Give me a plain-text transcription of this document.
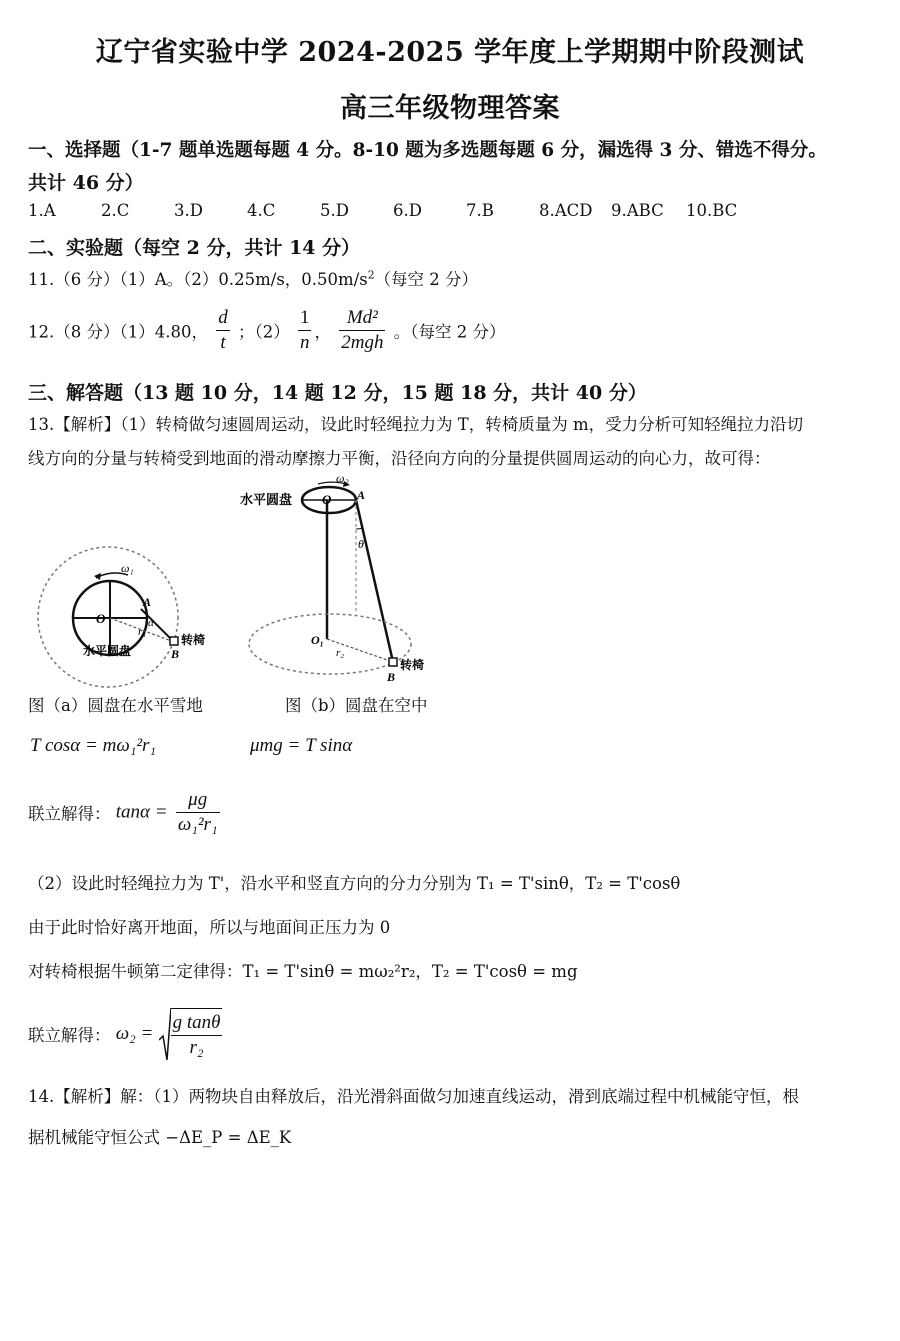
辽宁省实验中学 2024-2025 学年度上学期期中阶段测试
高三年级物理答案
一、选择题（1-7 题单选题每题 4 分。8-10 题为多选题每题 6 分，漏选得 3 分、错选不得分。
共计 46 分）
1.A	2.C	3.D	4.C	5.D	6.D	7.B	8.ACD 9.ABC 10.BC
二、实验题（每空 2 分，共计 14 分）
11.（6 分）（1）A。（2）0.25m/s，$0.50m/s^2$（每空 2 分）
12.（8 分）（1）4.80， $\frac{d}{t}$ ；$(2) \frac{1}{n}$ ， $\frac{\text{Md²}}{\text{2mgh}}$ 。（每空 2 分）
三、解答题（13 题 10 分，14 题 12 分，15 题 18 分，共计 40 分）
13.【解析】（1）转椅做匀速圆周运动，设此时轻绳拉力为 T，转椅质量为 m，受力分析可知轻绳拉力沿切
线方向的分量与转椅受到地面的滑动摩擦力平衡，沿径向方向的分量提供圆周运动的向心力，故可得：
ω₁
O
A
α
r₁
B
转椅
水平圆盘
ω₂
O A
水平圆盘
θ
O₁
r₂
B
转椅
图（a）圆盘在水平雪地	图（b）圆盘在空中
T cosα = mω₁²r₁	μmg = T sinα
联立解得： $\tan\alpha = \frac{\mu g}{\text{ω₁²r₁}}$
（2）设此时轻绳拉力为 T'，沿水平和竖直方向的分力分别为 T₁ = T'sinθ，T₂ = T'cosθ
由于此时恰好离开地面，所以与地面间正压力为 0
对转椅根据牛顿第二定律得：T₁ = T'sinθ = mω₂²r₂，T₂ = T'cosθ = mg
联立解得： $\omega_2 = \frac{\text{g tanθ}}{\text{r₂}}$
14.【解析】解：（1）两物块自由释放后，沿光滑斜面做匀加速直线运动，滑到底端过程中机械能守恒，根
据机械能守恒公式 −ΔE_P = ΔE_K
